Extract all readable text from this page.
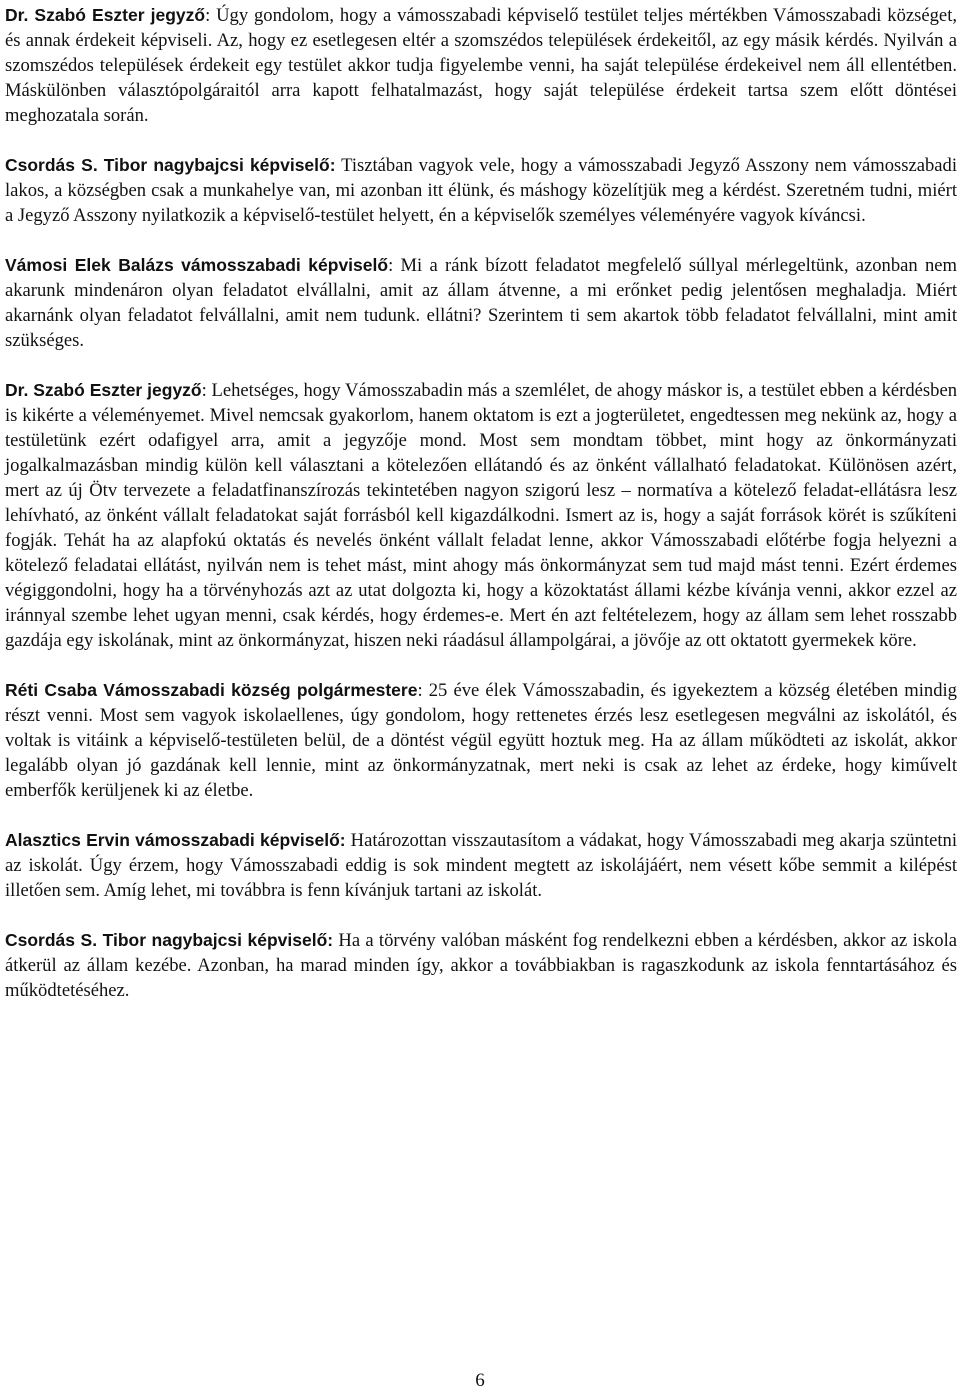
Dr. Szabó Eszter jegyző: Úgy gondolom, hogy a vámosszabadi képviselő testület teljes mértékben Vámosszabadi községet, és annak érdekeit képviseli. Az, hogy ez esetlegesen eltér a szomszédos települések érdekeitől, az egy másik kérdés. Nyilván a szomszédos települések érdekeit egy testület akkor tudja figyelembe venni, ha saját települése érdekeivel nem áll ellentétben. Máskülönben választópolgáraitól arra kapott felhatalmazást, hogy saját települése érdekeit tartsa szem előtt döntései meghozatala során.

Csordás S. Tibor nagybajcsi képviselő: Tisztában vagyok vele, hogy a vámosszabadi Jegyző Asszony nem vámosszabadi lakos, a községben csak a munkahelye van, mi azonban itt élünk, és máshogy közelítjük meg a kérdést. Szeretném tudni, miért a Jegyző Asszony nyilatkozik a képviselő-testület helyett, én a képviselők személyes véleményére vagyok kíváncsi.

Vámosi Elek Balázs vámosszabadi képviselő: Mi a ránk bízott feladatot megfelelő súllyal mérlegeltünk, azonban nem akarunk mindenáron olyan feladatot elvállalni, amit az állam átvenne, a mi erőnket pedig jelentősen meghaladja. Miért akarnánk olyan feladatot felvállalni, amit nem tudunk. ellátni? Szerintem ti sem akartok több feladatot felvállalni, mint amit szükséges.

Dr. Szabó Eszter jegyző: Lehetséges, hogy Vámosszabadin más a szemlélet, de ahogy máskor is, a testület ebben a kérdésben is kikérte a véleményemet. Mivel nemcsak gyakorlom, hanem oktatom is ezt a jogterületet, engedtessen meg nekünk az, hogy a testületünk ezért odafigyel arra, amit a jegyzője mond. Most sem mondtam többet, mint hogy az önkormányzati jogalkalmazásban mindig külön kell választani a kötelezően ellátandó és az önként vállalható feladatokat. Különösen azért, mert az új Ötv tervezete a feladatfinanszírozás tekintetében nagyon szigorú lesz – normatíva a kötelező feladat-ellátásra lesz lehívható, az önként vállalt feladatokat saját forrásból kell kigazdálkodni. Ismert az is, hogy a saját források körét is szűkíteni fogják. Tehát ha az alapfokú oktatás és nevelés önként vállalt feladat lenne, akkor Vámosszabadi előtérbe fogja helyezni a kötelező feladatai ellátást, nyilván nem is tehet mást, mint ahogy más önkormányzat sem tud majd mást tenni. Ezért érdemes végiggondolni, hogy ha a törvényhozás azt az utat dolgozta ki, hogy a közoktatást állami kézbe kívánja venni, akkor ezzel az iránnyal szembe lehet ugyan menni, csak kérdés, hogy érdemes-e. Mert én azt feltételezem, hogy az állam sem lehet rosszabb gazdája egy iskolának, mint az önkormányzat, hiszen neki ráadásul állampolgárai, a jövője az ott oktatott gyermekek köre.

Réti Csaba Vámosszabadi község polgármestere: 25 éve élek Vámosszabadin, és igyekeztem a község életében mindig részt venni. Most sem vagyok iskolaellenes, úgy gondolom, hogy rettenetes érzés lesz esetlegesen megválni az iskolától, és voltak is vitáink a képviselő-testületen belül, de a döntést végül együtt hoztuk meg. Ha az állam működteti az iskolát, akkor legalább olyan jó gazdának kell lennie, mint az önkormányzatnak, mert neki is csak az lehet az érdeke, hogy kiművelt emberfők kerüljenek ki az életbe.

Alasztics Ervin vámosszabadi képviselő: Határozottan visszautasítom a vádakat, hogy Vámosszabadi meg akarja szüntetni az iskolát. Úgy érzem, hogy Vámosszabadi eddig is sok mindent megtett az iskolájáért, nem vésett kőbe semmit a kilépést illetően sem. Amíg lehet, mi továbbra is fenn kívánjuk tartani az iskolát.

Csordás S. Tibor nagybajcsi képviselő: Ha a törvény valóban másként fog rendelkezni ebben a kérdésben, akkor az iskola átkerül az állam kezébe. Azonban, ha marad minden így, akkor a továbbiakban is ragaszkodunk az iskola fenntartásához és működtetéséhez.

6
